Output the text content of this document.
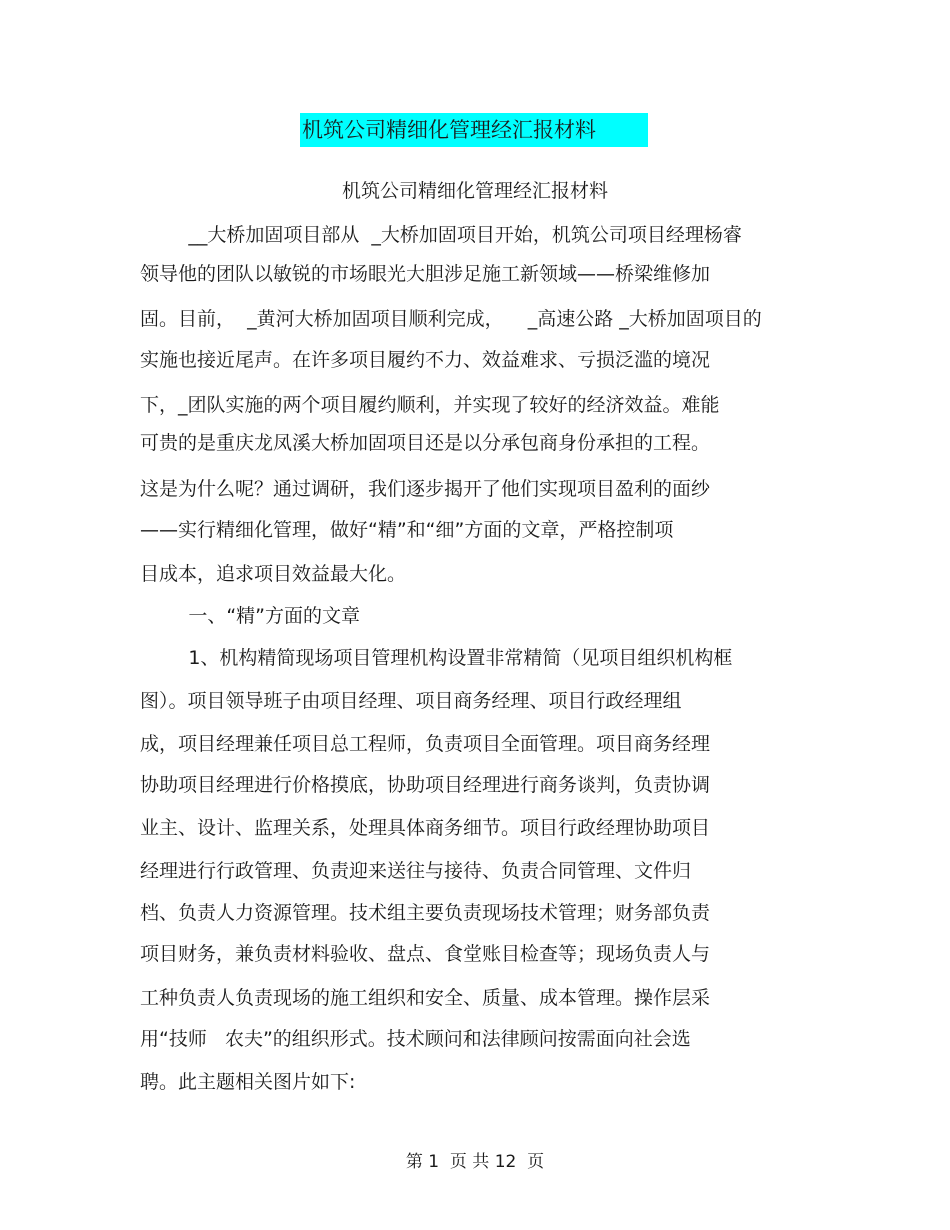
机筑公司精细化管理经汇报材料
机筑公司精细化管理经汇报材料
__大桥加固项目部从  _大桥加固项目开始，机筑公司项目经理杨睿
领导他的团队以敏锐的市场眼光大胆涉足施工新领域——桥梁维修加
固。目前，  _黄河大桥加固项目顺利完成，    _高速公路 _大桥加固项目的
实施也接近尾声。在许多项目履约不力、效益难求、亏损泛滥的境况
下，_团队实施的两个项目履约顺利，并实现了较好的经济效益。难能
可贵的是重庆龙凤溪大桥加固项目还是以分承包商身份承担的工程。
这是为什么呢？通过调研，我们逐步揭开了他们实现项目盈利的面纱
——实行精细化管理，做好“精”和“细”方面的文章，严格控制项
目成本，追求项目效益最大化。
一、“精”方面的文章
1、机构精简现场项目管理机构设置非常精简（见项目组织机构框
图）。项目领导班子由项目经理、项目商务经理、项目行政经理组
成，项目经理兼任项目总工程师，负责项目全面管理。项目商务经理
协助项目经理进行价格摸底，协助项目经理进行商务谈判，负责协调
业主、设计、监理关系，处理具体商务细节。项目行政经理协助项目
经理进行行政管理、负责迎来送往与接待、负责合同管理、文件归
档、负责人力资源管理。技术组主要负责现场技术管理；财务部负责
项目财务，兼负责材料验收、盘点、食堂账目检查等；现场负责人与
工种负责人负责现场的施工组织和安全、质量、成本管理。操作层采
用“技师   农夫”的组织形式。技术顾问和法律顾问按需面向社会选
聘。此主题相关图片如下:
第 1  页 共 12  页
